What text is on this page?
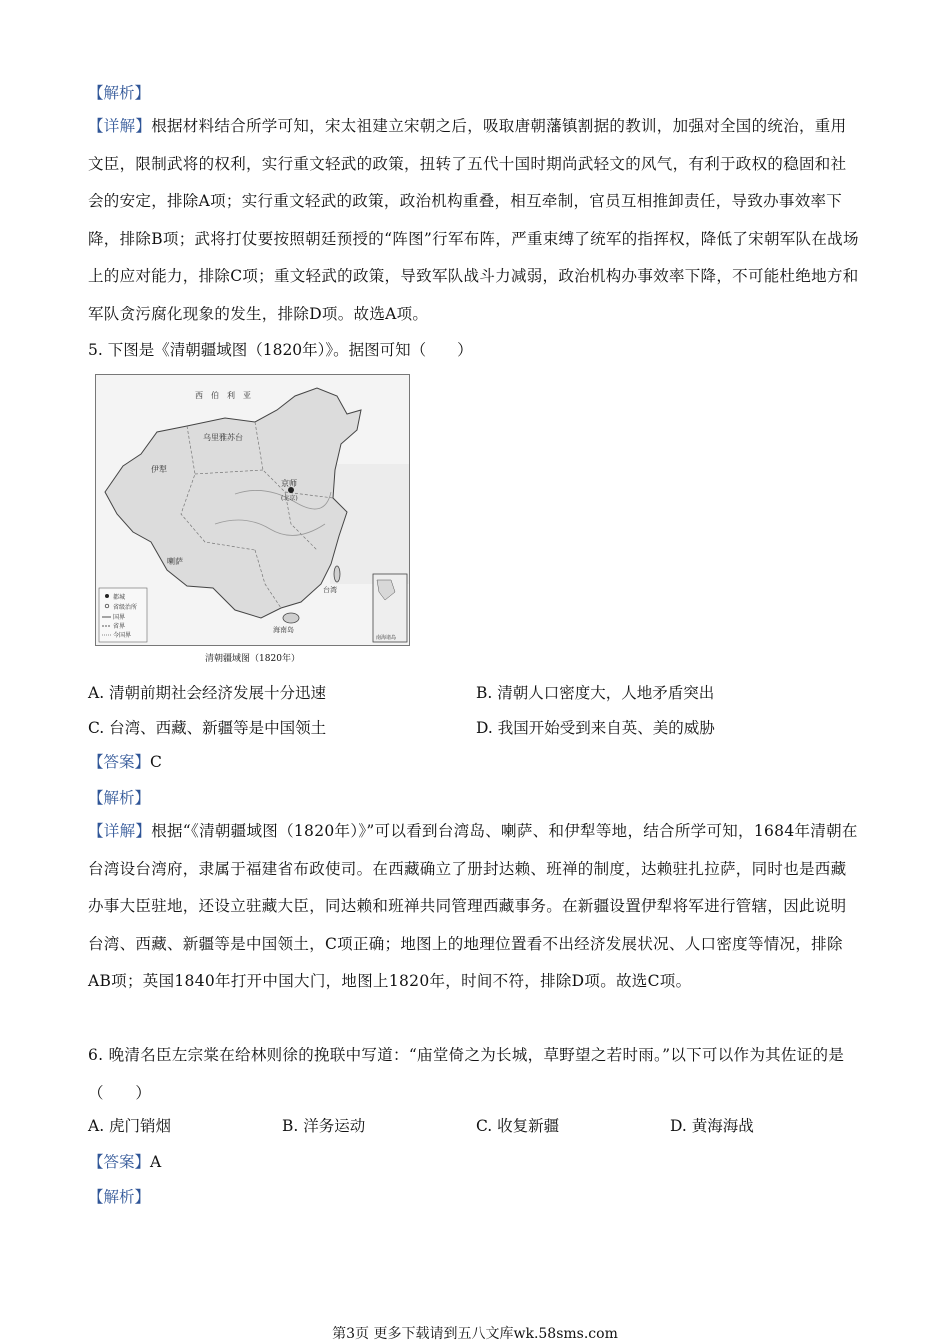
【解析】
【详解】根据材料结合所学可知，宋太祖建立宋朝之后，吸取唐朝藩镇割据的教训，加强对全国的统治，重用文臣，限制武将的权利，实行重文轻武的政策，扭转了五代十国时期尚武轻文的风气，有利于政权的稳固和社会的安定，排除A项；实行重文轻武的政策，政治机构重叠，相互牵制，官员互相推卸责任，导致办事效率下降，排除B项；武将打仗要按照朝廷预授的“阵图”行军布阵，严重束缚了统军的指挥权，降低了宋朝军队在战场上的应对能力，排除C项；重文轻武的政策，导致军队战斗力减弱，政治机构办事效率下降，不可能杜绝地方和军队贪污腐化现象的发生，排除D项。故选A项。
5. 下图是《清朝疆域图（1820年）》。据图可知（　　）
西　伯　利　亚
乌里雅苏台
伊犁
京师
(北京)
喇萨
台湾
海南岛
都城
省级治所
国界
省界
今国界	南海诸岛
清朝疆域图（1820年）
A. 清朝前期社会经济发展十分迅速	B. 清朝人口密度大，人地矛盾突出
C. 台湾、西藏、新疆等是中国领土	D. 我国开始受到来自英、美的威胁
【答案】C
【解析】
【详解】根据“《清朝疆域图（1820年）》”可以看到台湾岛、喇萨、和伊犁等地，结合所学可知，1684年清朝在台湾设台湾府，隶属于福建省布政使司。在西藏确立了册封达赖、班禅的制度，达赖驻扎拉萨，同时也是西藏办事大臣驻地，还设立驻藏大臣，同达赖和班禅共同管理西藏事务。在新疆设置伊犁将军进行管辖，因此说明台湾、西藏、新疆等是中国领土，C项正确；地图上的地理位置看不出经济发展状况、人口密度等情况，排除AB项；英国1840年打开中国大门，地图上1820年，时间不符，排除D项。故选C项。
6. 晚清名臣左宗棠在给林则徐的挽联中写道：“庙堂倚之为长城，草野望之若时雨。”以下可以作为其佐证的是（　　）
A. 虎门销烟	B. 洋务运动	C. 收复新疆	D. 黄海海战
【答案】A
【解析】
第3页 更多下载请到五八文库wk.58sms.com
